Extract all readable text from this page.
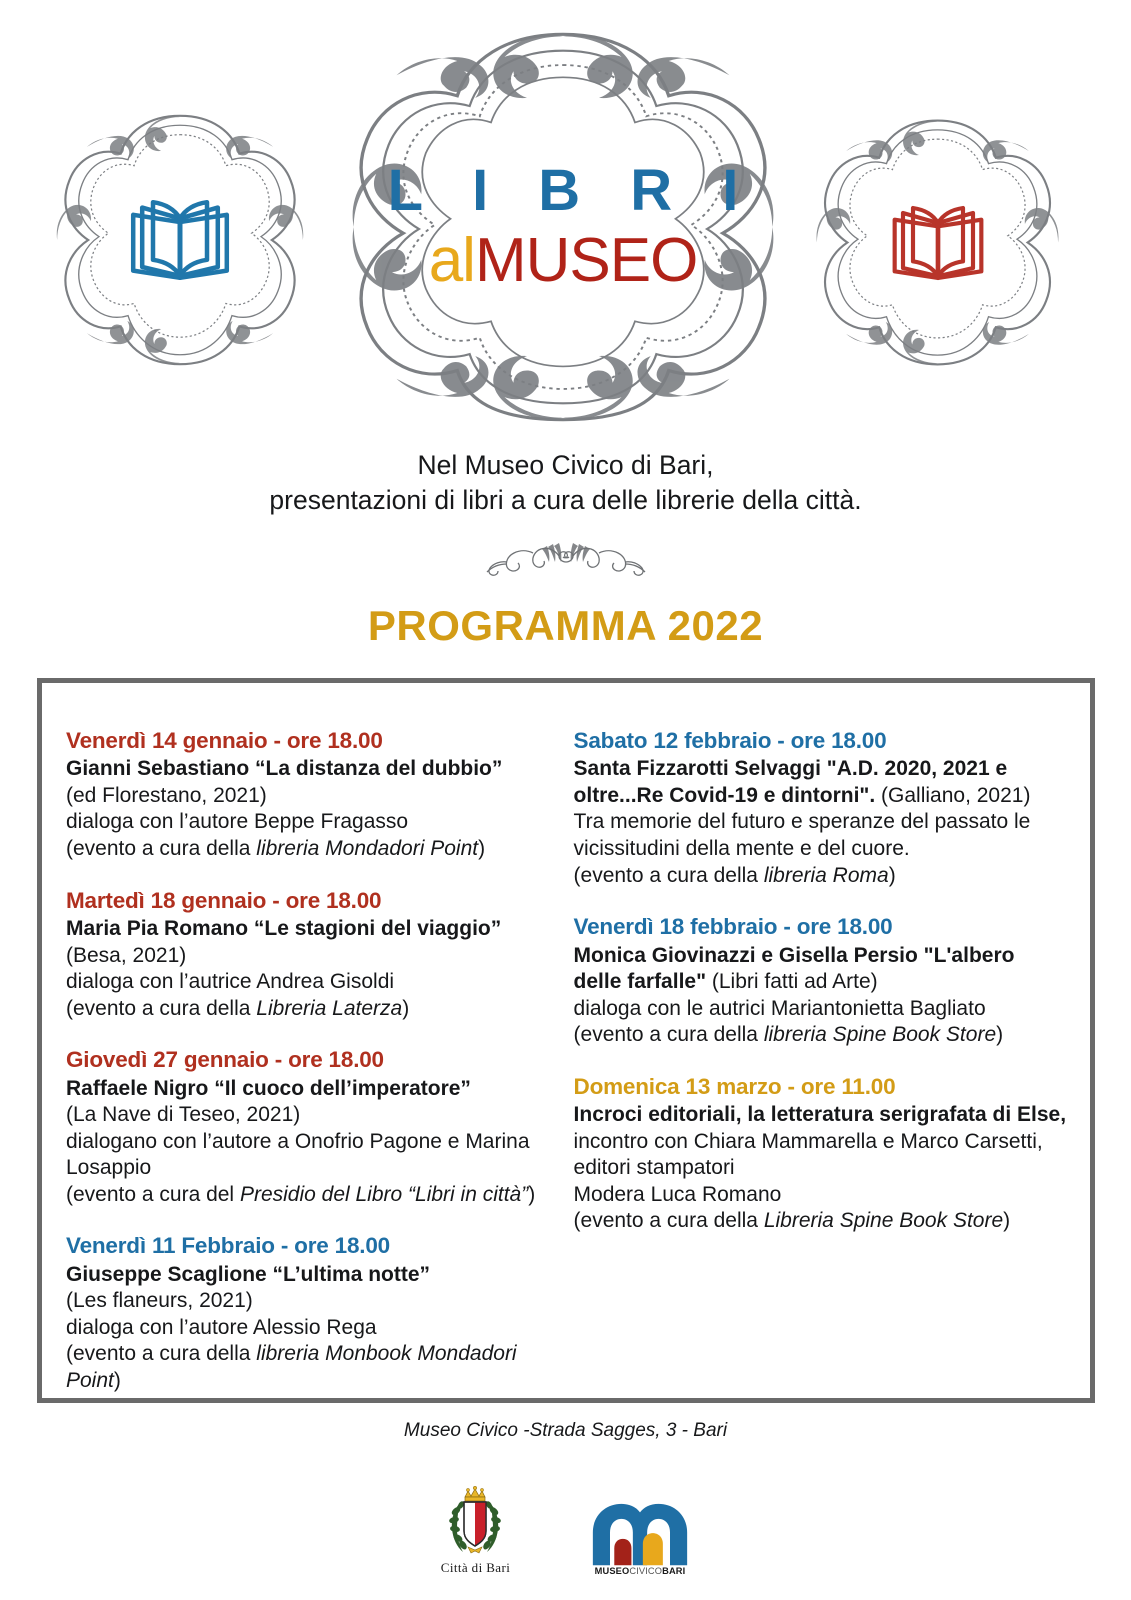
L I B R I
alMUSEO
Nel Museo Civico di Bari,
presentazioni di libri a cura delle librerie della città.
PROGRAMMA 2022
Venerdì 14 gennaio - ore 18.00
Gianni Sebastiano “La distanza del dubbio”
(ed Florestano, 2021)
dialoga con l’autore Beppe Fragasso
(evento a cura della libreria Mondadori Point)
Martedì 18 gennaio - ore 18.00
Maria Pia Romano “Le stagioni del viaggio”
(Besa, 2021)
dialoga con l’autrice Andrea Gisoldi
(evento a cura della Libreria Laterza)
Giovedì 27 gennaio - ore 18.00
Raffaele Nigro “Il cuoco dell’imperatore”
(La Nave di Teseo, 2021)
dialogano con l’autore a Onofrio Pagone e Marina Losappio
(evento a cura del Presidio del Libro “Libri in città”)
Venerdì 11 Febbraio - ore 18.00
Giuseppe Scaglione “L’ultima notte”
(Les flaneurs, 2021)
dialoga con l’autore Alessio Rega
(evento a cura della libreria Monbook Mondadori Point)
Sabato 12 febbraio - ore 18.00
Santa Fizzarotti Selvaggi "A.D. 2020, 2021 e oltre...Re Covid-19 e dintorni". (Galliano, 2021)
Tra memorie del futuro e speranze del passato le vicissitudini della mente e del cuore.
(evento a cura della libreria Roma)
Venerdì 18 febbraio - ore 18.00
Monica Giovinazzi e Gisella Persio "L'albero delle farfalle" (Libri fatti ad Arte)
dialoga con le autrici Mariantonietta Bagliato
(evento a cura della libreria Spine Book Store)
Domenica 13 marzo - ore 11.00
Incroci editoriali, la letteratura serigrafata di Else, incontro con Chiara Mammarella e Marco Carsetti, editori stampatori
Modera Luca Romano
(evento a cura della Libreria Spine Book Store)
Museo Civico -Strada Sagges, 3 - Bari
Città di Bari	MUSEOCIVICOBARI
